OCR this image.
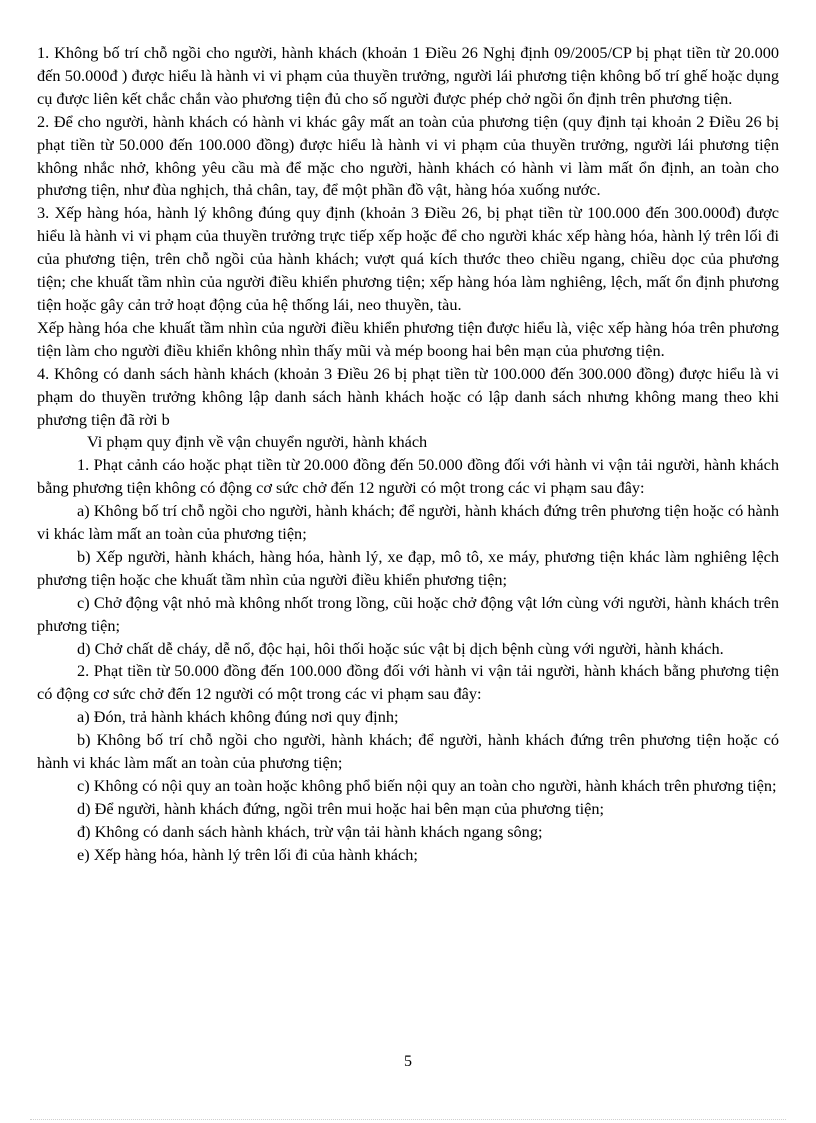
1. Không bố trí chỗ ngồi cho người, hành khách (khoản 1 Điều 26 Nghị định 09/2005/CP bị phạt tiền từ 20.000 đến 50.000đ ) được hiểu là hành vi vi phạm của thuyền trưởng, người lái phương tiện không bố trí ghế hoặc dụng cụ được liên kết chắc chắn vào phương tiện đủ cho số người được phép chở ngồi ổn định trên phương tiện.

2. Để cho người, hành khách có hành vi khác gây mất an toàn của phương tiện (quy định tại khoản 2 Điều 26 bị phạt tiền từ 50.000 đến 100.000 đồng) được hiểu là hành vi vi phạm của thuyền trưởng, người lái phương tiện không nhắc nhở, không yêu cầu mà để mặc cho người, hành khách có hành vi làm mất ổn định, an toàn cho phương tiện, như đùa nghịch, thả chân, tay, để một phần đồ vật, hàng hóa xuống nước.

3. Xếp hàng hóa, hành lý không đúng quy định (khoản 3 Điều 26, bị phạt tiền từ 100.000 đến 300.000đ) được hiểu là hành vi vi phạm của thuyền trưởng trực tiếp xếp hoặc để cho người khác xếp hàng hóa, hành lý trên lối đi của phương tiện, trên chỗ ngồi của hành khách; vượt quá kích thước theo chiều ngang, chiều dọc của phương tiện; che khuất tầm nhìn của người điều khiển phương tiện; xếp hàng hóa làm nghiêng, lệch, mất ổn định phương tiện hoặc gây cản trở hoạt động của hệ thống lái, neo thuyền, tàu.

Xếp hàng hóa che khuất tầm nhìn của người điều khiển phương tiện được hiểu là, việc xếp hàng hóa trên phương tiện làm cho người điều khiển không nhìn thấy mũi và mép boong hai bên mạn của phương tiện.

4. Không có danh sách hành khách (khoản 3 Điều 26 bị phạt tiền từ 100.000 đến 300.000 đồng) được hiểu là vi phạm do thuyền trưởng không lập danh sách hành khách hoặc có lập danh sách nhưng không mang theo khi phương tiện đã rời b

Vi phạm quy định về vận chuyển người, hành khách

1. Phạt cảnh cáo hoặc phạt tiền từ 20.000 đồng đến 50.000 đồng đối với hành vi vận tải người, hành khách bằng phương tiện không có động cơ sức chở đến 12 người có một trong các vi phạm sau đây:

a) Không bố trí chỗ ngồi cho người, hành khách; để người, hành khách đứng trên phương tiện hoặc có hành vi khác làm mất an toàn của phương tiện;

b) Xếp người, hành khách, hàng hóa, hành lý, xe đạp, mô tô, xe máy, phương tiện khác làm nghiêng lệch phương tiện hoặc che khuất tầm nhìn của người điều khiển phương tiện;

c) Chở động vật nhỏ mà không nhốt trong lồng, cũi hoặc chở động vật lớn cùng với người, hành khách trên phương tiện;

d) Chở chất dễ cháy, dễ nổ, độc hại, hôi thối hoặc súc vật bị dịch bệnh cùng với người, hành khách.

2. Phạt tiền từ 50.000 đồng đến 100.000 đồng đối với hành vi vận tải người, hành khách bằng phương tiện có động cơ sức chở đến 12 người có một trong các vi phạm sau đây:

a) Đón, trả hành khách không đúng nơi quy định;

b) Không bố trí chỗ ngồi cho người, hành khách; để người, hành khách đứng trên phương tiện hoặc có hành vi khác làm mất an toàn của phương tiện;

c) Không có nội quy an toàn hoặc không phổ biến nội quy an toàn cho người, hành khách trên phương tiện;

d) Để người, hành khách đứng, ngồi trên mui hoặc hai bên mạn của phương tiện;

đ) Không có danh sách hành khách, trừ vận tải hành khách ngang sông;

e) Xếp hàng hóa, hành lý trên lối đi của hành khách;

5
